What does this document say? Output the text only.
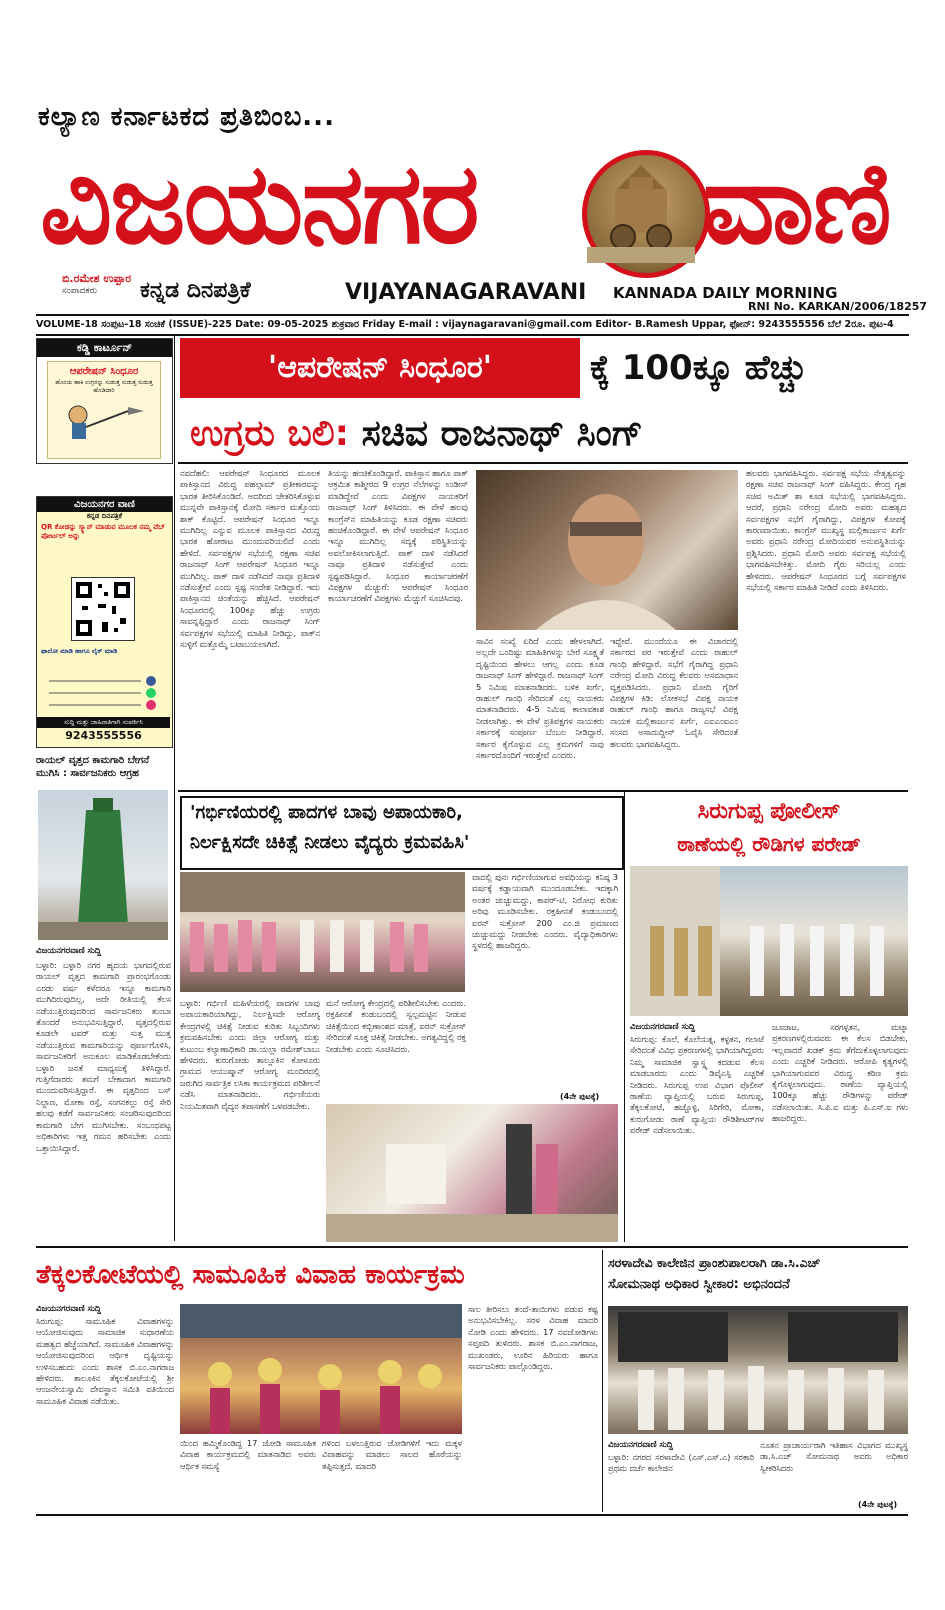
ಕಲ್ಯಾಣ ಕರ್ನಾಟಕದ ಪ್ರತಿಬಿಂಬ...
ವಿಜಯನಗರ	ವಾಣಿ
ಬಿ.ರಮೇಶ ಉಪ್ಪಾರ
ಸಂಪಾದಕರು	ಕನ್ನಡ ದಿನಪತ್ರಿಕೆ	VIJAYANAGARAVANI KANNADA DAILY MORNING
RNI No. KARKAN/2006/18257
VOLUME-18 ಸಂಪುಟ-18 ಸಂಚಿಕೆ (ISSUE)-225 Date: 09-05-2025 ಶುಕ್ರವಾರ Friday E-mail : vijaynagaravani@gmail.com Editor- B.Ramesh Uppar, ಫೋನ್: 9243555556 ಬೆಲೆ 2ರೂ. ಪುಟ-4
ಕಡ್ಡಿ ಕಾರ್ಟೂನ್
ಆಪರೇಷನ್ ಸಿಂಧೂರ
ಹೊಂಚು ಹಾಕಿ ಉಗ್ರರನ್ನು ಸುಡುತ್ತ ಸುಡುತ್ತ ಸುಡುತ್ತ ಹೊಡಿದಾರಿ
ವಿಜಯನಗರ ವಾಣಿ
ಕನ್ನಡ ದಿನಪತ್ರಿಕೆ
QR ಕೋಡನ್ನು ಸ್ಕ್ಯಾನ್ ಮಾಡುವ ಮೂಲಕ ನಮ್ಮ ವೆಬ್ ಪೋರ್ಟಲ್ ಅನ್ನು
ಫಾಲೋ ಮಾಡಿ ಹಾಗೂ ಲೈಕ್ ಮಾಡಿ
ಸುದ್ದಿ ಮತ್ತು ಜಾಹಿರಾತಿಗಾಗಿ ಸಂಪರ್ಕಿಸಿ
9243555556
ರಾಯಲ್ ವೃತ್ತದ ಕಾಮಗಾರಿ ಬೇಗನೆ ಮುಗಿಸಿ : ಸಾರ್ವಜನಿಕರು ಆಗ್ರಹ
ವಿಜಯನಗರವಾಣಿ ಸುದ್ದಿ
ಬಳ್ಳಾರಿ: ಬಳ್ಳಾರಿ ನಗರ ಹೃದಯ ಭಾಗದಲ್ಲಿರುವ ರಾಯಲ್ ವೃತ್ತದ ಕಾಮಗಾರಿ ಪ್ರಾರಂಭಗೊಂಡು ಎರಡು ವರ್ಷ ಕಳೆದರೂ ಇನ್ನೂ ಕಾಮಗಾರಿ ಮುಗಿದಿರುವುದಿಲ್ಲ, ಅದೇ ರೀತಿಯಲ್ಲಿ ಕೆಲಸ ನಡೆಯುತ್ತಿರುವುದರಿಂದ ಸಾರ್ವಜನಿಕರು ತುಂಬಾ ತೊಂದರೆ ಅನುಭವಿಸುತ್ತಿದ್ದಾರೆ. ವೃತ್ತದಲ್ಲಿರುವ ಕೂಡಲೇ ಟವರ್ ಮತ್ತು ಸುತ್ತ ಮುತ್ತ ನಡೆಯುತ್ತಿರುವ ಕಾಮಗಾರಿಯನ್ನು ಪೂರ್ಣಗೊಳಿಸಿ, ಸಾರ್ವಜನಿಕರಿಗೆ ಅನುಕೂಲ ಮಾಡಿಕೊಡಬೇಕೆಂದು ಬಳ್ಳಾರಿ ಜನತೆ ಮಾಧ್ಯಮಕ್ಕೆ ತಿಳಿಸಿದ್ದಾರೆ. ಗುತ್ತಿಗೆದಾರರು ತಮಗೆ ಬೇಕಾದಾಗ ಕಾಮಗಾರಿ ಮುಂದುವರಿಸುತ್ತಿದ್ದಾರೆ. ಈ ವೃತ್ತದಿಂದ ಬಸ್ ನಿಲ್ದಾಣ, ಮೋಕಾ ರಸ್ತೆ, ಸಂಗನಕಲ್ಲು ರಸ್ತೆ ಸೇರಿ ಹಲವು ಕಡೆಗೆ ಸಾರ್ವಜನಿಕರು ಸಂಚರಿಸುವುದರಿಂದ ಕಾಮಗಾರಿ ಬೇಗ ಮುಗಿಸಬೇಕು. ಸಂಬಂಧಪಟ್ಟ ಅಧಿಕಾರಿಗಳು ಇತ್ತ ಗಮನ ಹರಿಸಬೇಕು ಎಂದು ಒತ್ತಾಯಿಸಿದ್ದಾರೆ.
'ಆಪರೇಷನ್ ಸಿಂಧೂರ'	ಕ್ಕೆ 100ಕ್ಕೂ ಹೆಚ್ಚು
ಉಗ್ರರು ಬಲಿ: ಸಚಿವ ರಾಜನಾಥ್ ಸಿಂಗ್
ನವದೆಹಲಿ: ಆಪರೇಷನ್ ಸಿಂಧೂರದ ಮೂಲಕ ಪಾಕಿಸ್ತಾನದ ವಿರುದ್ಧ ಪಹಲ್ಗಾಮ್ ಪ್ರತೀಕಾರವನ್ನು ಭಾರತ ತೀರಿಸಿಕೊಂಡಿದೆ. ಅದರಿಂದ ಚೇತರಿಸಿಕೊಳ್ಳುವ ಮುನ್ನವೇ ಪಾಕಿಸ್ತಾನಕ್ಕೆ ಮೋದಿ ಸರ್ಕಾರ ಮತ್ತೊಂದು ಶಾಕ್ ಕೊಟ್ಟಿದೆ. ಆಪರೇಷನ್ ಸಿಂಧೂರ ಇನ್ನೂ ಮುಗಿದಿಲ್ಲ ಎನ್ನುವ ಮೂಲಕ ಪಾಕಿಸ್ತಾನದ ವಿರುದ್ಧ ಭಾರತ ಹೋರಾಟ ಮುಂದುವರಿಯಲಿದೆ ಎಂದು ಹೇಳಿದೆ. ಸರ್ವಪಕ್ಷಗಳ ಸಭೆಯಲ್ಲಿ ರಕ್ಷಣಾ ಸಚಿವ ರಾಜನಾಥ್ ಸಿಂಗ್ ಆಪರೇಷನ್ ಸಿಂಧೂರ ಇನ್ನೂ ಮುಗಿದಿಲ್ಲ. ಪಾಕ್ ದಾಳಿ ನಡೆಸಿದರೆ ನಾವೂ ಪ್ರತಿದಾಳಿ ನಡೆಸುತ್ತೇವೆ ಎಂದು ಸ್ಪಷ್ಟ ಸಂದೇಶ ನೀಡಿದ್ದಾರೆ. ಇದು ಪಾಕಿಸ್ತಾನದ ಚಿಂತೆಯನ್ನು ಹೆಚ್ಚಿಸಿದೆ. ಆಪರೇಷನ್ ಸಿಂಧೂರದಲ್ಲಿ 100ಕ್ಕೂ ಹೆಚ್ಚು ಉಗ್ರರು ಸಾವನ್ನಪ್ಪಿದ್ದಾರೆ ಎಂದು ರಾಜನಾಥ್ ಸಿಂಗ್ ಸರ್ವಪಕ್ಷಗಳ ಸಭೆಯಲ್ಲಿ ಮಾಹಿತಿ ನೀಡಿದ್ದು, ಪಾಕ್‌ನ ಸುಳ್ಳಿಗೆ ಮತ್ತೊಮ್ಮೆ ಬಟಾಬಯಲಾಗಿದೆ.
ತಿಯನ್ನು ಹಂಚಿಕೊಂಡಿದ್ದಾರೆ. ಪಾಕಿಸ್ತಾನ ಹಾಗೂ ಪಾಕ್ ಆಕ್ರಮಿತ ಕಾಶ್ಮೀರದ 9 ಉಗ್ರರ ನೆಲೆಗಳನ್ನು ಉಡೀಸ್ ಮಾಡಿದ್ದೇವೆ ಎಂದು ವಿಪಕ್ಷಗಳ ನಾಯಕರಿಗೆ ರಾಜನಾಥ್ ಸಿಂಗ್ ತಿಳಿಸಿದರು. ಈ ವೇಳೆ ಹಲವು ಕಾಂಗ್ರೆಸ್‌ನ ಮಾಹಿತಿಯನ್ನು ಕೂಡ ರಕ್ಷಣಾ ಸಚಿವರು ಹಂಚಿಕೊಂಡಿದ್ದಾರೆ. ಈ ವೇಳೆ ಆಪರೇಷನ್ ಸಿಂಧೂರ ಇನ್ನೂ ಮುಗಿದಿಲ್ಲ ಸದ್ಯಕ್ಕೆ ಪರಿಸ್ಥಿತಿಯನ್ನು ಅವಲೋಕಿಸಲಾಗುತ್ತಿದೆ. ಪಾಕ್ ದಾಳಿ ನಡೆಸಿದರೆ ನಾವೂ ಪ್ರತಿದಾಳಿ ನಡೆಸುತ್ತೇವೆ ಎಂದು ಸ್ಪಷ್ಟಪಡಿಸಿದ್ದಾರೆ. ಸಿಂಧೂರ ಕಾರ್ಯಾಚರಣೆಗೆ ವಿಪಕ್ಷಗಳ ಮೆಚ್ಚುಗೆ: ಆಪರೇಷನ್ ಸಿಂಧೂರ ಕಾರ್ಯಾಚರಣೆಗೆ ವಿಪಕ್ಷಗಳು ಮೆಚ್ಚುಗೆ ಸೂಚಿಸಿದವು.
ಸಾವಿನ ಸಂಖ್ಯೆ ಏರಿದೆ ಎಂದು ಹೇಳಲಾಗಿದೆ. ಅಲ್ಲದೇ ಒಂದಿಷ್ಟು ಮಾಹಿತಿಗಳನ್ನು ಬೇರೆ ಸೂಕ್ಷ್ಮತೆ ದೃಷ್ಟಿಯಿಂದ ಹೇಳಲು ಆಗಲ್ಲ ಎಂದು ಕೂಡ ರಾಜನಾಥ್ ಸಿಂಗ್ ಹೇಳಿದ್ದಾರೆ. ರಾಜನಾಥ್ ಸಿಂಗ್ 5 ನಿಮಿಷ ಮಾತನಾಡಿದರು. ಬಳಿಕ ಖರ್ಗೆ, ರಾಹುಲ್ ಗಾಂಧಿ ಸೇರಿದಂತೆ ಎಲ್ಲ ನಾಯಕರು ಮಾತನಾಡಿದರು. 4-5 ನಿಮಿಷ ಕಾಲಾವಕಾಶ ನೀಡಲಾಗಿತ್ತು. ಈ ವೇಳೆ ಪ್ರತಿಪಕ್ಷಗಳ ನಾಯಕರು ಸರ್ಕಾರಕ್ಕೆ ಸಂಪೂರ್ಣ ಬೆಂಬಲ ನೀಡಿದ್ದಾರೆ. ಸರ್ಕಾರ ಕೈಗೊಳ್ಳುವ ಎಲ್ಲ ಕ್ರಮಗಳಿಗೆ ನಾವು ಸರ್ಕಾರದೊಂದಿಗೆ ಇರುತ್ತೇವೆ ಎಂದರು.
ಇದ್ದೇವೆ. ಮುಂದೆಯೂ ಈ ವಿಚಾರದಲ್ಲಿ ಸರ್ಕಾರದ ಪರ ಇರುತ್ತೇವೆ ಎಂದು ರಾಹುಲ್ ಗಾಂಧಿ ಹೇಳಿದ್ದಾರೆ. ಸಭೆಗೆ ಗೈರಾಗಿದ್ದ ಪ್ರಧಾನಿ ನರೇಂದ್ರ ಮೋದಿ ವಿರುದ್ಧ ಕೆಲವರು ಅಸಮಾಧಾನ ವ್ಯಕ್ತಪಡಿಸಿದರು. ಪ್ರಧಾನಿ ಮೋದಿ ಗೈರಿಗೆ ವಿಪಕ್ಷಗಳ ಕಿಡಿ: ಲೋಕಸಭೆ ವಿಪಕ್ಷ ನಾಯಕ ರಾಹುಲ್ ಗಾಂಧಿ ಹಾಗೂ ರಾಜ್ಯಸಭೆ ವಿಪಕ್ಷ ನಾಯಕ ಮಲ್ಲಿಕಾರ್ಜುನ ಖರ್ಗೆ, ಎಐಎಂಐಎಂ ಸಂಸದ ಅಸಾದುದ್ದೀನ್ ಓವೈಸಿ ಸೇರಿದಂತೆ ಹಲವರು ಭಾಗವಹಿಸಿದ್ದರು.
ಹಲವರು ಭಾಗವಹಿಸಿದ್ದರು. ಸರ್ವಪಕ್ಷ ಸಭೆಯ ನೇತೃತ್ವವನ್ನು ರಕ್ಷಣಾ ಸಚಿವ ರಾಜನಾಥ್ ಸಿಂಗ್ ವಹಿಸಿದ್ದರು. ಕೇಂದ್ರ ಗೃಹ ಸಚಿವ ಅಮಿತ್ ಶಾ ಕೂಡ ಸಭೆಯಲ್ಲಿ ಭಾಗವಹಿಸಿದ್ದರು. ಆದರೆ, ಪ್ರಧಾನಿ ನರೇಂದ್ರ ಮೋದಿ ಅವರು ಮಹತ್ವದ ಸರ್ವಪಕ್ಷಗಳ ಸಭೆಗೆ ಗೈರಾಗಿದ್ದು, ವಿಪಕ್ಷಗಳ ಕೋಪಕ್ಕೆ ಕಾರಣವಾಯಿತು. ಕಾಂಗ್ರೆಸ್ ಮುಖ್ಯಸ್ಥ ಮಲ್ಲಿಕಾರ್ಜುನ ಖರ್ಗೆ ಅವರು ಪ್ರಧಾನಿ ನರೇಂದ್ರ ಮೋದಿಯವರ ಅನುಪಸ್ಥಿತಿಯನ್ನು ಪ್ರಶ್ನಿಸಿದರು. ಪ್ರಧಾನಿ ಮೋದಿ ಅವರು ಸರ್ವಪಕ್ಷ ಸಭೆಯಲ್ಲಿ ಭಾಗವಹಿಸಬೇಕಿತ್ತು. ಮೋದಿ ಗೈರು ಸರಿಯಲ್ಲ ಎಂದು ಹೇಳಿದರು. ಆಪರೇಷನ್ ಸಿಂಧೂರದ ಬಗ್ಗೆ ಸರ್ವಪಕ್ಷಗಳ ಸಭೆಯಲ್ಲಿ ಸರ್ಕಾರ ಮಾಹಿತಿ ನೀಡಿದೆ ಎಂದು ತಿಳಿಸಿದರು.
'ಗರ್ಭಿಣಿಯರಲ್ಲಿ ಪಾದಗಳ ಬಾವು ಅಪಾಯಕಾರಿ,
ನಿರ್ಲಕ್ಷಿಸದೇ ಚಿಕಿತ್ಸೆ ನೀಡಲು ವೈದ್ಯರು ಕ್ರಮವಹಿಸಿ'
ಬಳ್ಳಾರಿ: ಗರ್ಭಿಣಿ ಮಹಿಳೆಯರಲ್ಲಿ ಪಾದಗಳ ಬಾವು ಅಪಾಯಕಾರಿಯಾಗಿದ್ದು, ನಿರ್ಲಕ್ಷಿಸದೇ ಆರೋಗ್ಯ ಕೇಂದ್ರಗಳಲ್ಲಿ ಚಿಕಿತ್ಸೆ ನೀಡುವ ಕುರಿತು ಸಿಬ್ಬಂದಿಗಳು ಕ್ರಮವಹಿಸಬೇಕು ಎಂದು ಜಿಲ್ಲಾ ಆರೋಗ್ಯ ಮತ್ತು ಕುಟುಂಬ ಕಲ್ಯಾಣಾಧಿಕಾರಿ ಡಾ.ಯಲ್ಲಾ ರಮೇಶ್‌ಬಾಬು ಹೇಳಿದರು. ಕುರುಗೋಡು ತಾಲ್ಲೂಕಿನ ಕೋಳೂರು ಗ್ರಾಮದ ಆಯುಷ್ಮಾನ್ ಆರೋಗ್ಯ ಮಂದಿರದಲ್ಲಿ ಜರುಗಿದ ಸಾರ್ವತ್ರಿಕ ಲಸಿಕಾ ಕಾರ್ಯಕ್ರಮದ ಪರಿಶೀಲನೆ ನಡೆಸಿ ಮಾತನಾಡಿದರು. ಗರ್ಭಿಣಿಯರು ನಿಯಮಿತವಾಗಿ ವೈದ್ಯರ ತಪಾಸಣೆಗೆ ಒಳಪಡಬೇಕು.
ಮನೆ ಆರೋಗ್ಯ ಕೇಂದ್ರದಲ್ಲಿ ಪರಿಶೀಲಿಸಬೇಕು ಎಂದರು. ರಕ್ತಹೀನತೆ ಕಂಡುಬಂದಲ್ಲಿ ಸ್ವಲ್ಪಮಟ್ಟಿನ ನೀಡುವ ಚಿಕಿತ್ಸೆಯಿಂದ ಕಬ್ಬಿಣಾಂಶದ ಮಾತ್ರೆ, ಐರನ್ ಸುಕ್ರೋಸ್ ಸೇರಿದಂತೆ ಸೂಕ್ತ ಚಿಕಿತ್ಸೆ ನೀಡಬೇಕು. ಅಗತ್ಯವಿದ್ದಲ್ಲಿ ರಕ್ತ ನೀಡಬೇಕು ಎಂದು ಸೂಚಿಸಿದರು.
ವಾದಲ್ಲಿ ಪುನಃ ಗರ್ಭಿಣಿಯಾಗುವ ಅವಧಿಯನ್ನು ಕನಿಷ್ಠ 3 ವರ್ಷಕ್ಕೆ ಕಡ್ಡಾಯವಾಗಿ ಮುಂದೂಡಬೇಕು. ಇದಕ್ಕಾಗಿ ಅಂತರ ಚುಚ್ಚುಮದ್ದು, ಕಾಪರ್-ಟಿ, ನಿರೋಧ ಕುರಿತು ಅರಿವು ಮೂಡಿಸಬೇಕು. ರಕ್ತಹೀನತೆ ಕಂಡುಬಂದಲ್ಲಿ ಐರನ್ ಸುಕ್ರೋಸ್ 200 ಎಂ.ಜಿ ಪ್ರಮಾಣದ ಚುಚ್ಚುಮದ್ದು ನೀಡಬೇಕು ಎಂದರು. ವೈದ್ಯಾಧಿಕಾರಿಗಳು ಸ್ಥಳದಲ್ಲಿ ಹಾಜರಿದ್ದರು.
(4ನೇ ಪುಟಕ್ಕೆ)
ಸಿರುಗುಪ್ಪ ಪೋಲೀಸ್
ಠಾಣೆಯಲ್ಲಿ ರೌಡಿಗಳ ಪರೇಡ್
ವಿಜಯನಗರವಾಣಿ ಸುದ್ದಿ
ಸಿರುಗುಪ್ಪ: ಕೊಲೆ, ಕೊಲೆಯತ್ನ, ಕಳ್ಳತನ, ಗಲಾಟೆ ಸೇರಿದಂತೆ ವಿವಿಧ ಪ್ರಕರಣಗಳಲ್ಲಿ ಭಾಗಿಯಾಗಿದ್ದವರು ನಿಮ್ಮ ಸಾಮಾಜಿಕ ಸ್ವಾಸ್ಥ್ಯ ಕದಡುವ ಕೆಲಸ ಮಾಡಬಾರದು ಎಂದು ಡಿವೈಎಸ್ಪಿ ಎಚ್ಚರಿಕೆ ನೀಡಿದರು. ಸಿರುಗುಪ್ಪ ಉಪ ವಿಭಾಗ ಪೊಲೀಸ್ ಠಾಣೆಯ ವ್ಯಾಪ್ತಿಯಲ್ಲಿ ಬರುವ ಸಿರುಗುಪ್ಪ, ತೆಕ್ಕಲಕೋಟೆ, ಹಚ್ಚೊಳ್ಳಿ, ಸಿರಿಗೇರಿ, ಮೋಕಾ, ಕುರುಗೋಡು ಠಾಣೆ ವ್ಯಾಪ್ತಿಯ ರೌಡಿಶೀಟರ್‌ಗಳ ಪರೇಡ್ ನಡೆಸಲಾಯಿತು.
ಜೂಜಾಟ, ಸರಗಳ್ಳತನ, ಮಟ್ಕಾ ಪ್ರಕರಣಗಳಲ್ಲಿರುವವರು ಈ ಕೆಲಸ ಬಿಡಬೇಕು, ಇಲ್ಲವಾದರೆ ಖಡಕ್ ಕ್ರಮ ತೆಗೆದುಕೊಳ್ಳಲಾಗುವುದು ಎಂದು ಎಚ್ಚರಿಕೆ ನೀಡಿದರು. ಆರೋಪಿ ಕೃತ್ಯಗಳಲ್ಲಿ ಭಾಗಿಯಾಗುವವರ ವಿರುದ್ಧ ಕಠಿಣ ಕ್ರಮ ಕೈಗೊಳ್ಳಲಾಗುವುದು. ಠಾಣೆಯ ವ್ಯಾಪ್ತಿಯಲ್ಲಿ 100ಕ್ಕೂ ಹೆಚ್ಚು ರೌಡಿಗಳನ್ನು ಪರೇಡ್ ನಡೆಸಲಾಯಿತು. ಸಿ.ಪಿ.ಐ ಮತ್ತು ಪಿ.ಎಸ್.ಐ ಗಳು ಹಾಜರಿದ್ದರು.
ತೆಕ್ಕಲಕೋಟೆಯಲ್ಲಿ ಸಾಮೂಹಿಕ ವಿವಾಹ ಕಾರ್ಯಕ್ರಮ
ವಿಜಯನಗರವಾಣಿ ಸುದ್ದಿ
ಸಿರುಗುಪ್ಪ: ಸಾಮೂಹಿಕ ವಿವಾಹಗಳನ್ನು ಆಯೋಜಿಸುವುದು ಸಾಮಾಜಿಕ ಸುಧಾರಣೆಯ ಮಹತ್ವದ ಹೆಜ್ಜೆಯಾಗಿದೆ. ಸಾಮೂಹಿಕ ವಿವಾಹಗಳನ್ನು ಆಯೋಜಿಸುವುದರಿಂದ ಆರ್ಥಿಕ ದೃಷ್ಟಿಯನ್ನು ಉಳಿಸಬಹುದು ಎಂದು ಶಾಸಕ ಬಿ.ಎಂ.ನಾಗರಾಜ ಹೇಳಿದರು. ತಾಲೂಕಿನ ತೆಕ್ಕಲಕೋಟೆಯಲ್ಲಿ ಶ್ರೀ ಆಂಜನೇಯಸ್ವಾಮಿ ದೇವಸ್ಥಾನ ಸಮಿತಿ ವತಿಯಿಂದ ಸಾಮೂಹಿಕ ವಿವಾಹ ನಡೆಯಿತು.
ಯಿಂದ ಹಮ್ಮಿಕೊಂಡಿದ್ದ 17 ಜೋಡಿ ಸಾಮೂಹಿಕ ವಿವಾಹ ಕಾರ್ಯಕ್ರಮದಲ್ಲಿ ಮಾತನಾಡಿದ ಅವರು ಆರ್ಥಿಕ ಸಮಸ್ಯೆ
ಗಳಿಂದ ಬಳಲುತ್ತಿರುವ ಜೋಡಿಗಳಿಗೆ ಇದು ಮಕ್ಕಳ ವಿವಾಹವನ್ನು ಮಾಡಲು ಸಾಲದ ಹೊರೆಯನ್ನು ತಪ್ಪಿಸುತ್ತದೆ. ಮಾದರಿ
ಸಾಲ ತೀರಿಸಲು ತಂದೆ-ತಾಯಿಗಳು ಪಡುವ ಕಷ್ಟ ಅನುಭವಿಸಬೇಕಿಲ್ಲ. ಸರಳ ವಿವಾಹ ಮಾದರಿ ನೋಡಿ ಎಂದು ಹೇಳಿದರು. 17 ನವಜೋಡಿಗಳು ಸಪ್ತಪದಿ ತುಳಿದರು. ಶಾಸಕ ಬಿ.ಎಂ.ನಾಗರಾಜ, ಮುಖಂಡರು, ಊರಿನ ಹಿರಿಯರು ಹಾಗೂ ಸಾರ್ವಜನಿಕರು ಪಾಲ್ಗೊಂಡಿದ್ದರು.
ಸರಳಾದೇವಿ ಕಾಲೇಜಿನ ಪ್ರಾಂಶುಪಾಲರಾಗಿ ಡಾ.ಸಿ.ಎಚ್
ಸೋಮನಾಥ ಅಧಿಕಾರ ಸ್ವೀಕಾರ: ಅಭಿನಂದನೆ
ವಿಜಯನಗರವಾಣಿ ಸುದ್ದಿ
ಬಳ್ಳಾರಿ: ನಗರದ ಸರಳಾದೇವಿ (ಎಸ್.ಎಸ್.ಎ) ಸರಕಾರಿ ಪ್ರಥಮ ದರ್ಜೆ ಕಾಲೇಜಿನ
ನೂತನ ಪ್ರಾಚಾರ್ಯರಾಗಿ ಇತಿಹಾಸ ವಿಭಾಗದ ಮುಖ್ಯಸ್ಥ ಡಾ.ಸಿ.ಎಚ್ ಸೋಮನಾಥ ಅವರು ಅಧಿಕಾರ ಸ್ವೀಕರಿಸಿದರು
(4ನೇ ಪುಟಕ್ಕೆ)
